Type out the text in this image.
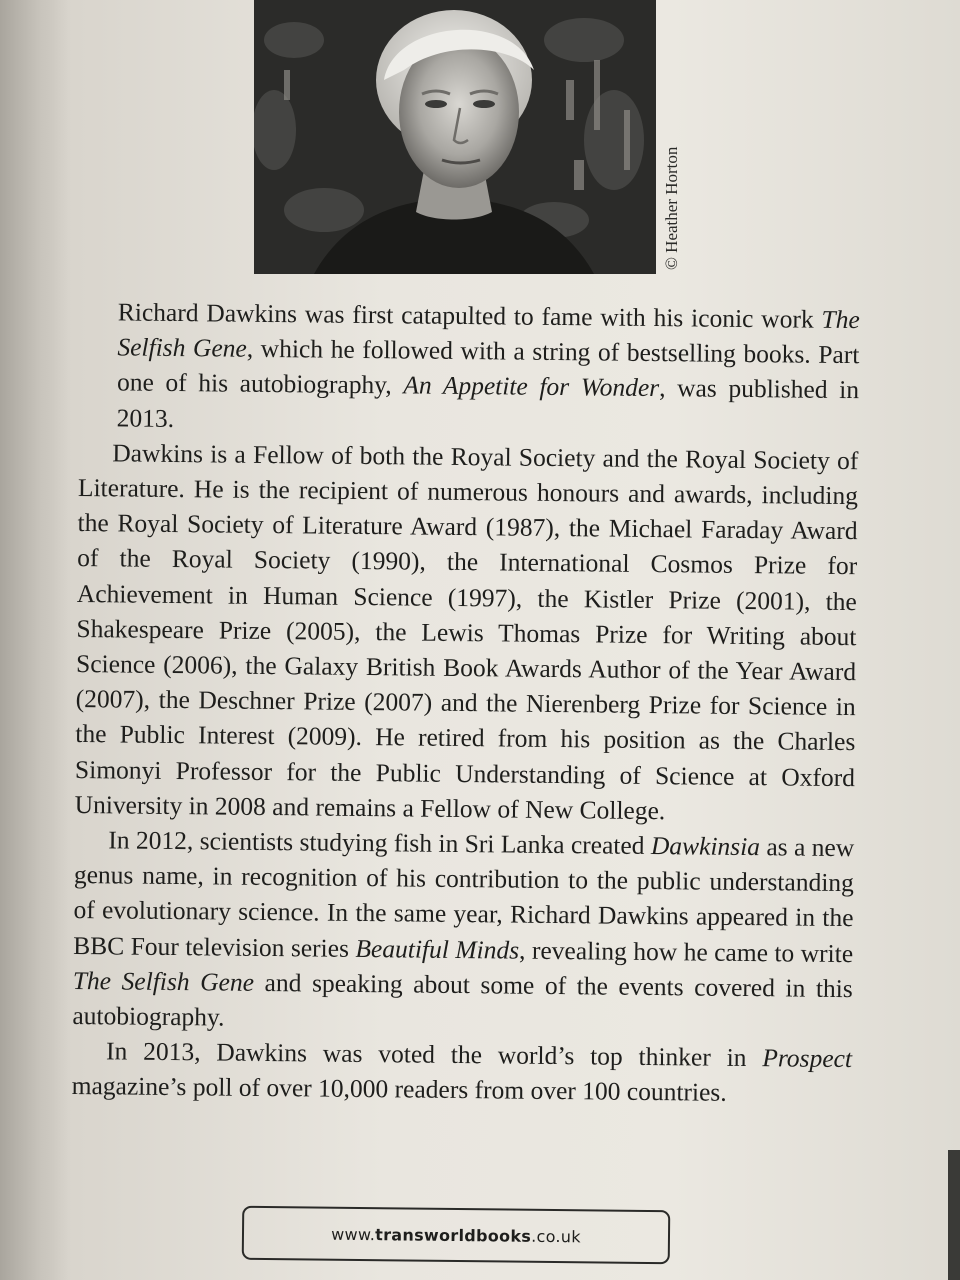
© Heather Horton

Richard Dawkins was first catapulted to fame with his iconic work The Selfish Gene, which he followed with a string of bestselling books. Part one of his autobiography, An Appetite for Wonder, was published in 2013.

Dawkins is a Fellow of both the Royal Society and the Royal Society of Literature. He is the recipient of numerous honours and awards, including the Royal Society of Literature Award (1987), the Michael Faraday Award of the Royal Society (1990), the International Cosmos Prize for Achievement in Human Science (1997), the Kistler Prize (2001), the Shakespeare Prize (2005), the Lewis Thomas Prize for Writing about Science (2006), the Galaxy British Book Awards Author of the Year Award (2007), the Deschner Prize (2007) and the Nierenberg Prize for Science in the Public Interest (2009). He retired from his position as the Charles Simonyi Professor for the Public Understanding of Science at Oxford University in 2008 and remains a Fellow of New College.

In 2012, scientists studying fish in Sri Lanka created Dawkinsia as a new genus name, in recognition of his contribution to the public understanding of evolutionary science. In the same year, Richard Dawkins appeared in the BBC Four television series Beautiful Minds, revealing how he came to write The Selfish Gene and speaking about some of the events covered in this autobiography.

In 2013, Dawkins was voted the world’s top thinker in Prospect magazine’s poll of over 10,000 readers from over 100 countries.

www. transworldbooks .co.uk
